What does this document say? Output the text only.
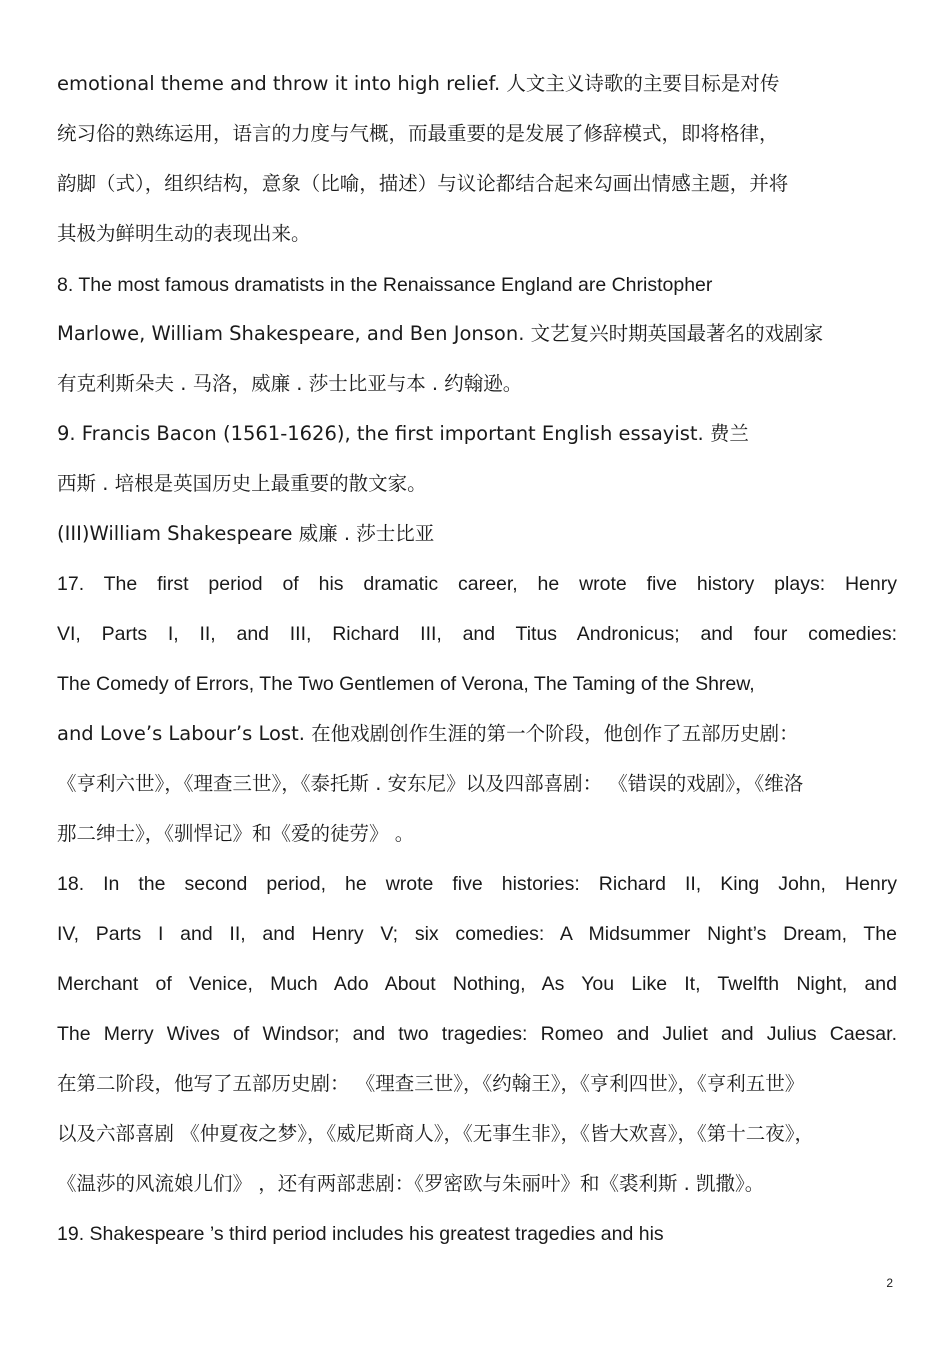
emotional theme and throw it into high relief. 人文主义诗歌的主要目标是对传
统习俗的熟练运用，语言的力度与气概，而最重要的是发展了修辞模式，即将格律，
韵脚（式），组织结构，意象（比喻，描述）与议论都结合起来勾画出情感主题，并将
其极为鲜明生动的表现出来。
8. The most famous dramatists in the Renaissance England are Christopher
Marlowe, William Shakespeare, and Ben Jonson. 文艺复兴时期英国最著名的戏剧家
有克利斯朵夫 . 马洛，威廉 . 莎士比亚与本 . 约翰逊。
9. Francis Bacon (1561-1626), the first important English essayist. 费兰
西斯 . 培根是英国历史上最重要的散文家。
(III)William Shakespeare 威廉 . 莎士比亚
17. The first period of his dramatic career, he wrote five history plays: Henry
VI, Parts I, II, and III, Richard III, and Titus Andronicus; and four comedies:
The Comedy of Errors, The Two Gentlemen of Verona, The Taming of the Shrew,
and Love’s Labour’s Lost. 在他戏剧创作生涯的第一个阶段，他创作了五部历史剧：
《亨利六世》，《理查三世》，《泰托斯 . 安东尼》以及四部喜剧： 《错误的戏剧》，《维洛
那二绅士》，《驯悍记》和《爱的徒劳》 。
18. In the second period, he wrote five histories: Richard II, King John, Henry
IV, Parts I and II, and Henry V; six comedies: A Midsummer Night’s Dream, The
Merchant of Venice, Much Ado About Nothing, As You Like It, Twelfth Night, and
The Merry Wives of Windsor; and two tragedies: Romeo and Juliet and Julius Caesar.
在第二阶段，他写了五部历史剧： 《理查三世》，《约翰王》，《亨利四世》，《亨利五世》
以及六部喜剧 《仲夏夜之梦》，《威尼斯商人》，《无事生非》，《皆大欢喜》，《第十二夜》，
《温莎的风流娘儿们》 ，还有两部悲剧：《罗密欧与朱丽叶》和《裘利斯 . 凯撒》。
19. Shakespeare ’s third period includes his greatest tragedies and his
2
